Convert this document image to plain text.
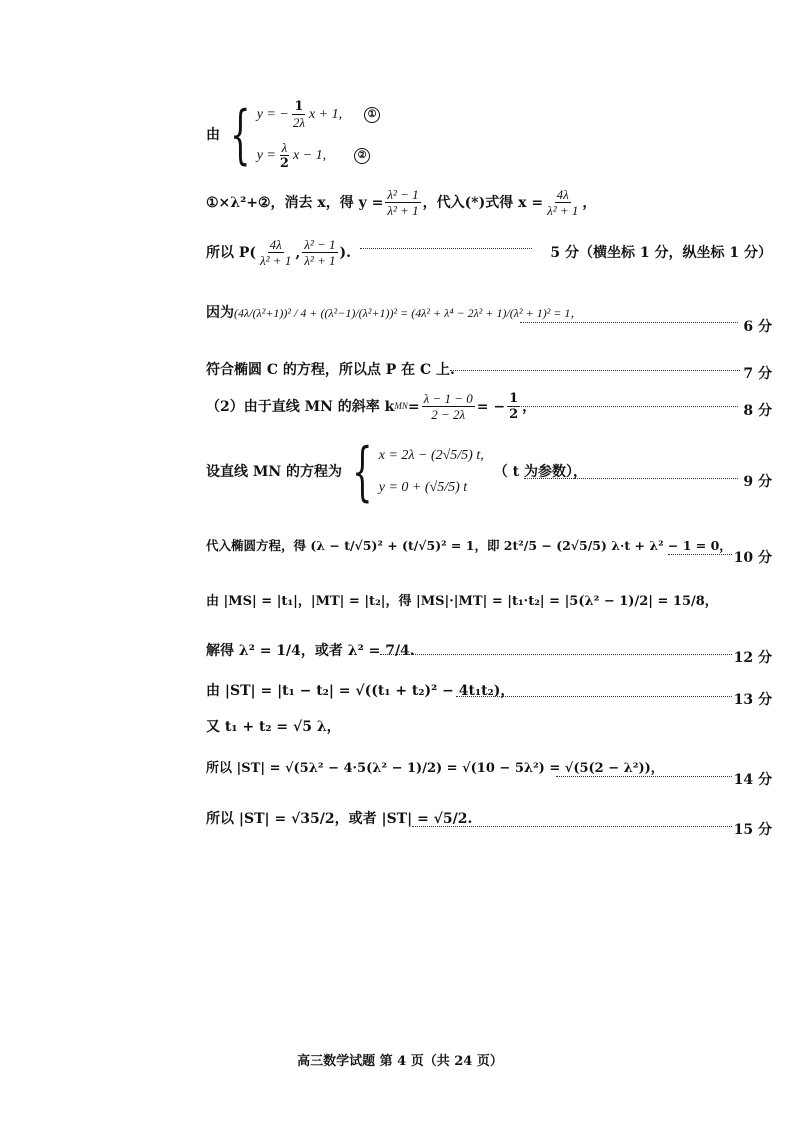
由 { y = − $\frac{1}{2\lambda}$ x + 1,	①
$y = \frac{\lambda}{2}$ x − 1,	②
①×λ²+②，消去 x，得 $y = \frac{\text{λ² − 1}}{\text{λ² + 1}}$ ，代入(*)式得 $x = \frac{4\lambda}{\text{λ² + 1}}$ ，
所以 $P( \frac{4\lambda}{\text{λ² + 1}}$ , $\frac{\text{λ² − 1}}{\text{λ² + 1}}$ ).	5 分（横坐标 1 分，纵坐标 1 分）
因为 (4λ/(λ²+1))² / 4 + ((λ²−1)/(λ²+1))² = (4λ² + λ⁴ − 2λ² + 1)/(λ² + 1)² = 1，
6 分
符合椭圆 C 的方程，所以点 P 在 C 上.	7 分
（2）由于直线 MN 的斜率 k MN = $\frac{\lambda - 1 - 0}{2 - 2\lambda}$ = − $\frac{1}{2}$ ，	8 分
设直线 MN 的方程为 { x = 2λ − (2√5/5) t,
y = 0 + (√5/5) t
（ t 为参数），
9 分
代入椭圆方程，得 (λ − t/√5)² + (t/√5)² = 1，即 2t²/5 − (2√5/5) λ·t + λ² − 1 = 0，
10 分
由 |MS| = |t₁|，|MT| = |t₂|，得 |MS|·|MT| = |t₁·t₂| = |5(λ² − 1)/2| = 15/8，
解得 λ² = 1/4，或者 λ² = 7/4.	12 分
由 |ST| = |t₁ − t₂| = √((t₁ + t₂)² − 4t₁t₂)，
13 分
又 t₁ + t₂ = √5 λ，
所以 |ST| = √(5λ² − 4·5(λ² − 1)/2) = √(10 − 5λ²) = √(5(2 − λ²))，
14 分
所以 |ST| = √35/2，或者 |ST| = √5/2.
15 分
高三数学试题 第 4 页（共 24 页）
